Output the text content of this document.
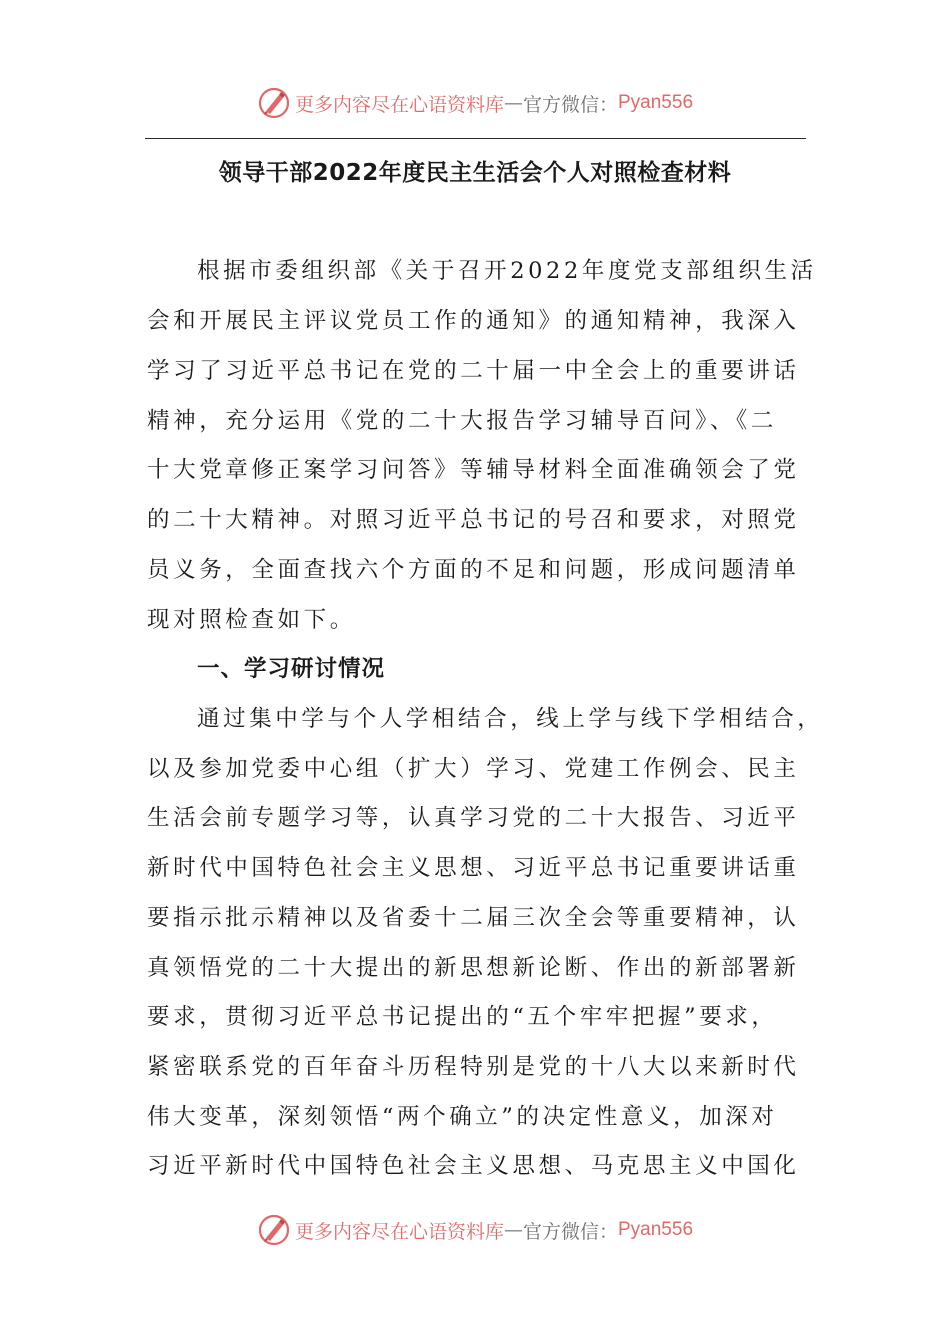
更多内容尽在心语资料库 — 官方微信： Pyan556
领导干部2022年度民主生活会个人对照检查材料
根据市委组织部《关于召开2022年度党支部组织生活
会和开展民主评议党员工作的通知》的通知精神，我深入
学习了习近平总书记在党的二十届一中全会上的重要讲话
精神，充分运用《党的二十大报告学习辅导百问》、《二
十大党章修正案学习问答》等辅导材料全面准确领会了党
的二十大精神。对照习近平总书记的号召和要求，对照党
员义务，全面查找六个方面的不足和问题，形成问题清单
现对照检查如下。
一、学习研讨情况
通过集中学与个人学相结合，线上学与线下学相结合，
以及参加党委中心组（扩大）学习、党建工作例会、民主
生活会前专题学习等，认真学习党的二十大报告、习近平
新时代中国特色社会主义思想、习近平总书记重要讲话重
要指示批示精神以及省委十二届三次全会等重要精神，认
真领悟党的二十大提出的新思想新论断、作出的新部署新
要求，贯彻习近平总书记提出的“五个牢牢把握”要求，
紧密联系党的百年奋斗历程特别是党的十八大以来新时代
伟大变革，深刻领悟“两个确立”的决定性意义，加深对
习近平新时代中国特色社会主义思想、马克思主义中国化
更多内容尽在心语资料库 — 官方微信： Pyan556
